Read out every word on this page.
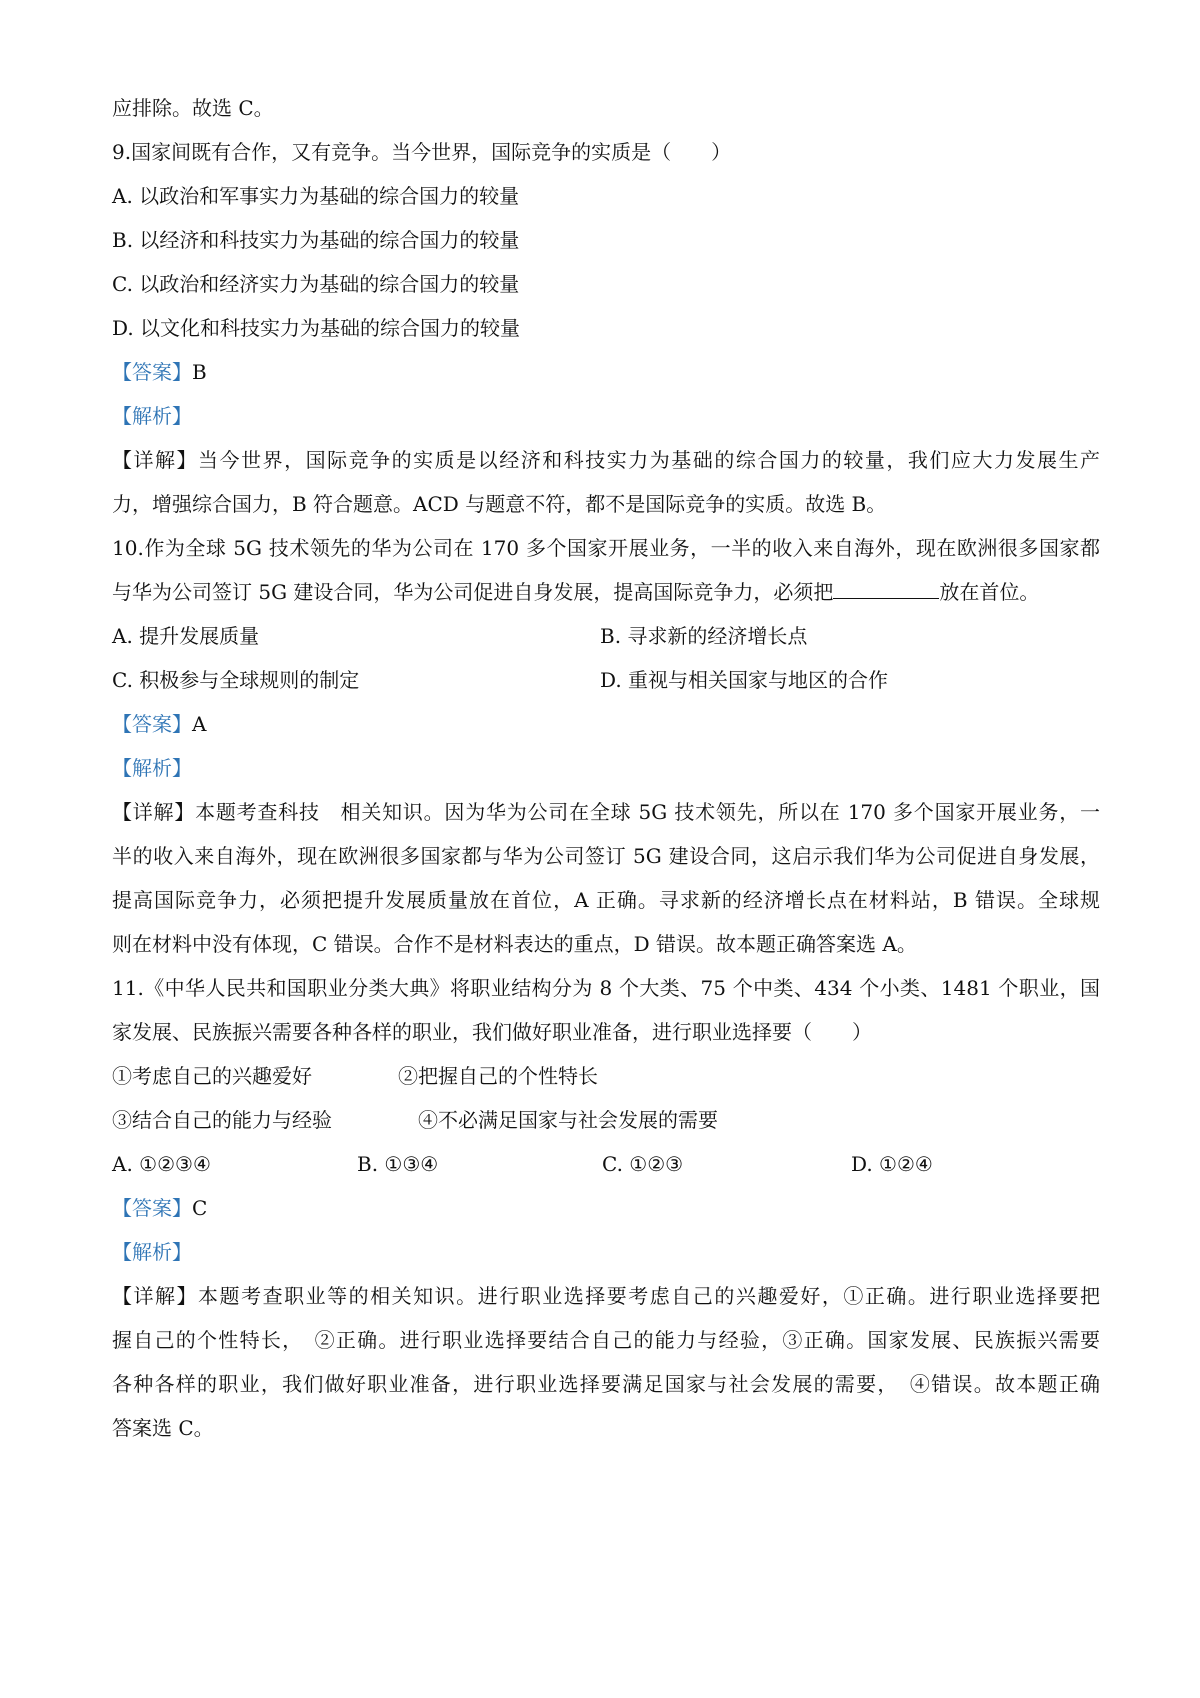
应排除。故选 C。
9.国家间既有合作，又有竞争。当今世界，国际竞争的实质是（　　）
A. 以政治和军事实力为基础的综合国力的较量
B. 以经济和科技实力为基础的综合国力的较量
C. 以政治和经济实力为基础的综合国力的较量
D. 以文化和科技实力为基础的综合国力的较量
【答案】B
【解析】
【详解】当今世界，国际竞争的实质是以经济和科技实力为基础的综合国力的较量，我们应大力发展生产
力，增强综合国力，B 符合题意。ACD 与题意不符，都不是国际竞争的实质。故选 B。
10.作为全球 5G 技术领先的华为公司在 170 多个国家开展业务，一半的收入来自海外，现在欧洲很多国家都
与华为公司签订 5G 建设合同，华为公司促进自身发展，提高国际竞争力，必须把	放在首位。
A. 提升发展质量	B. 寻求新的经济增长点
C. 积极参与全球规则的制定	D. 重视与相关国家与地区的合作
【答案】A
【解析】
【详解】本题考查科技　相关知识。因为华为公司在全球 5G 技术领先，所以在 170 多个国家开展业务，一
半的收入来自海外，现在欧洲很多国家都与华为公司签订 5G 建设合同，这启示我们华为公司促进自身发展，
提高国际竞争力，必须把提升发展质量放在首位，A 正确。寻求新的经济增长点在材料站，B 错误。全球规
则在材料中没有体现，C 错误。合作不是材料表达的重点，D 错误。故本题正确答案选 A。
11.《中华人民共和国职业分类大典》将职业结构分为 8 个大类、75 个中类、434 个小类、1481 个职业，国
家发展、民族振兴需要各种各样的职业，我们做好职业准备，进行职业选择要（　　）
①考虑自己的兴趣爱好	②把握自己的个性特长
③结合自己的能力与经验	④不必满足国家与社会发展的需要
A. ①②③④	B. ①③④	C. ①②③	D. ①②④
【答案】C
【解析】
【详解】本题考查职业等的相关知识。进行职业选择要考虑自己的兴趣爱好，①正确。进行职业选择要把
握自己的个性特长，　②正确。进行职业选择要结合自己的能力与经验，③正确。国家发展、民族振兴需要
各种各样的职业，我们做好职业准备，进行职业选择要满足国家与社会发展的需要，　④错误。故本题正确
答案选 C。
